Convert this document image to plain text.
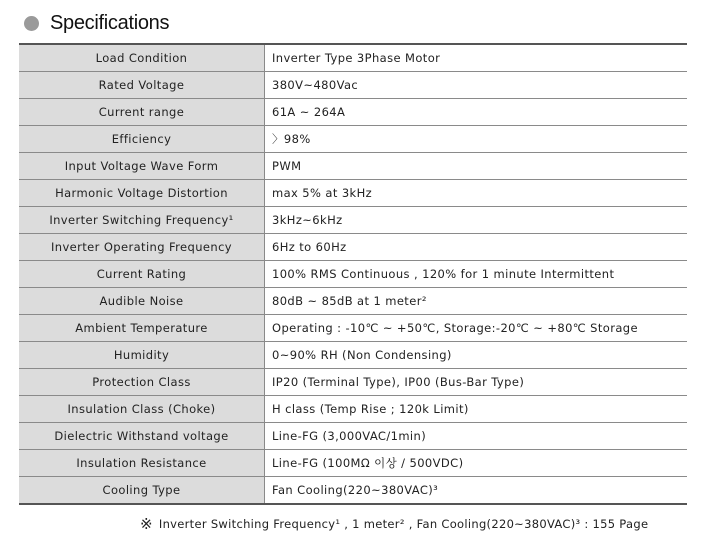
Specifications
Load Condition	Inverter Type 3Phase Motor
Rated Voltage	380V~480Vac
Current range	61A ~ 264A
Efficiency	〉98%
Input Voltage Wave Form	PWM
Harmonic Voltage Distortion	max 5% at 3kHz
Inverter Switching Frequency¹	3kHz~6kHz
Inverter Operating Frequency	6Hz to 60Hz
Current Rating	100% RMS Continuous , 120% for 1 minute Intermittent
Audible Noise	80dB ~ 85dB at 1 meter²
Ambient Temperature	Operating : -10℃ ~ +50℃, Storage:-20℃ ~ +80℃ Storage
Humidity	0~90% RH (Non Condensing)
Protection Class	IP20 (Terminal Type), IP00 (Bus-Bar Type)
Insulation Class (Choke)	H class (Temp Rise ; 120k Limit)
Dielectric Withstand voltage	Line-FG (3,000VAC/1min)
Insulation Resistance	Line-FG (100MΩ 이상 / 500VDC)
Cooling Type	Fan Cooling(220~380VAC)³
※ Inverter Switching Frequency¹ , 1 meter² , Fan Cooling(220~380VAC)³ : 155 Page
